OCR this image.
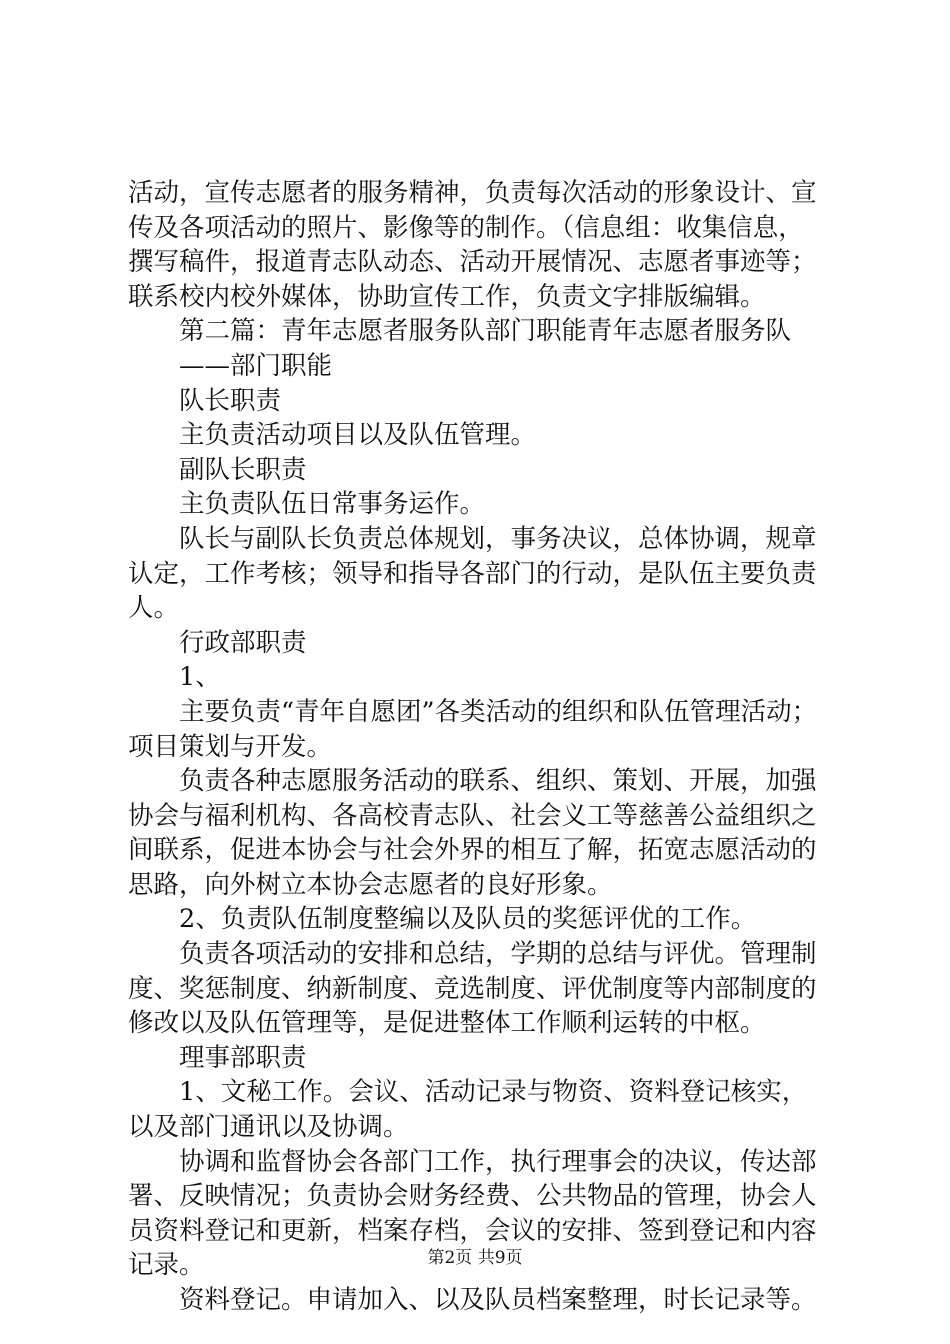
活动，宣传志愿者的服务精神，负责每次活动的形象设计、宣传及各项活动的照片、影像等的制作。（信息组：收集信息，撰写稿件，报道青志队动态、活动开展情况、志愿者事迹等；联系校内校外媒体，协助宣传工作，负责文字排版编辑。

第二篇：青年志愿者服务队部门职能青年志愿者服务队

——部门职能

队长职责

主负责活动项目以及队伍管理。

副队长职责

主负责队伍日常事务运作。

队长与副队长负责总体规划，事务决议，总体协调，规章认定，工作考核；领导和指导各部门的行动，是队伍主要负责人。

行政部职责

1、

主要负责“青年自愿团”各类活动的组织和队伍管理活动；项目策划与开发。

负责各种志愿服务活动的联系、组织、策划、开展，加强协会与福利机构、各高校青志队、社会义工等慈善公益组织之间联系，促进本协会与社会外界的相互了解，拓宽志愿活动的思路，向外树立本协会志愿者的良好形象。

2、负责队伍制度整编以及队员的奖惩评优的工作。

负责各项活动的安排和总结，学期的总结与评优。管理制度、奖惩制度、纳新制度、竞选制度、评优制度等内部制度的修改以及队伍管理等，是促进整体工作顺利运转的中枢。

理事部职责

1、文秘工作。会议、活动记录与物资、资料登记核实，以及部门通讯以及协调。

协调和监督协会各部门工作，执行理事会的决议，传达部署、反映情况；负责协会财务经费、公共物品的管理，协会人员资料登记和更新，档案存档，会议的安排、签到登记和内容记录。

资料登记。申请加入、以及队员档案整理，时长记录等。

第2页 共9页
